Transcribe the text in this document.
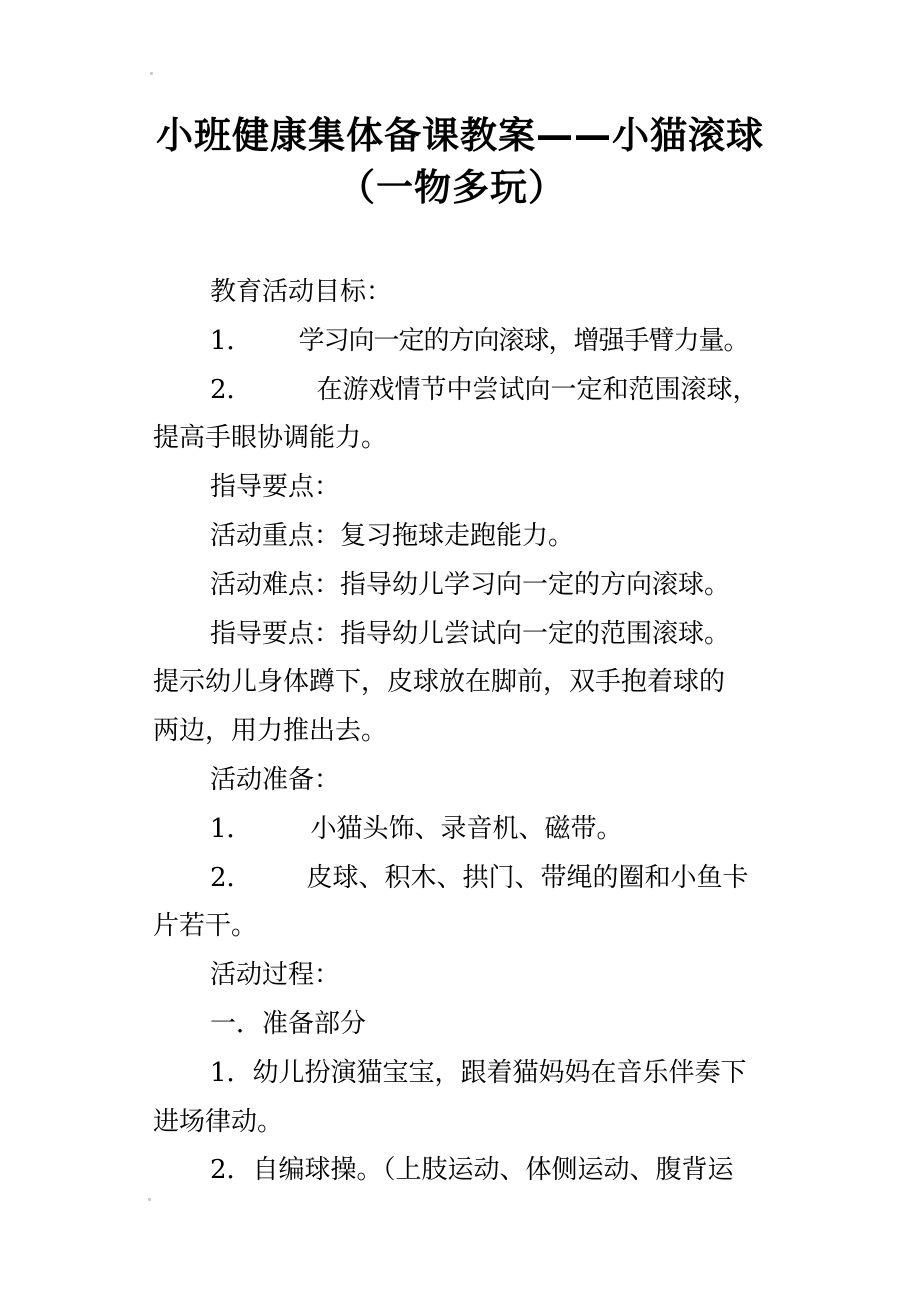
小班健康集体备课教案——小猫滚球
（一物多玩）
教育活动目标：
1． 学习向一定的方向滚球，增强手臂力量。
2． 在游戏情节中尝试向一定和范围滚球，
提高手眼协调能力。
指导要点：
活动重点：复习拖球走跑能力。
活动难点：指导幼儿学习向一定的方向滚球。
指导要点：指导幼儿尝试向一定的范围滚球。
提示幼儿身体蹲下，皮球放在脚前，双手抱着球的
两边，用力推出去。
活动准备：
1． 小猫头饰、录音机、磁带。
2． 皮球、积木、拱门、带绳的圈和小鱼卡
片若干。
活动过程：
一．准备部分
1．幼儿扮演猫宝宝，跟着猫妈妈在音乐伴奏下
进场律动。
2．自编球操。（上肢运动、体侧运动、腹背运
